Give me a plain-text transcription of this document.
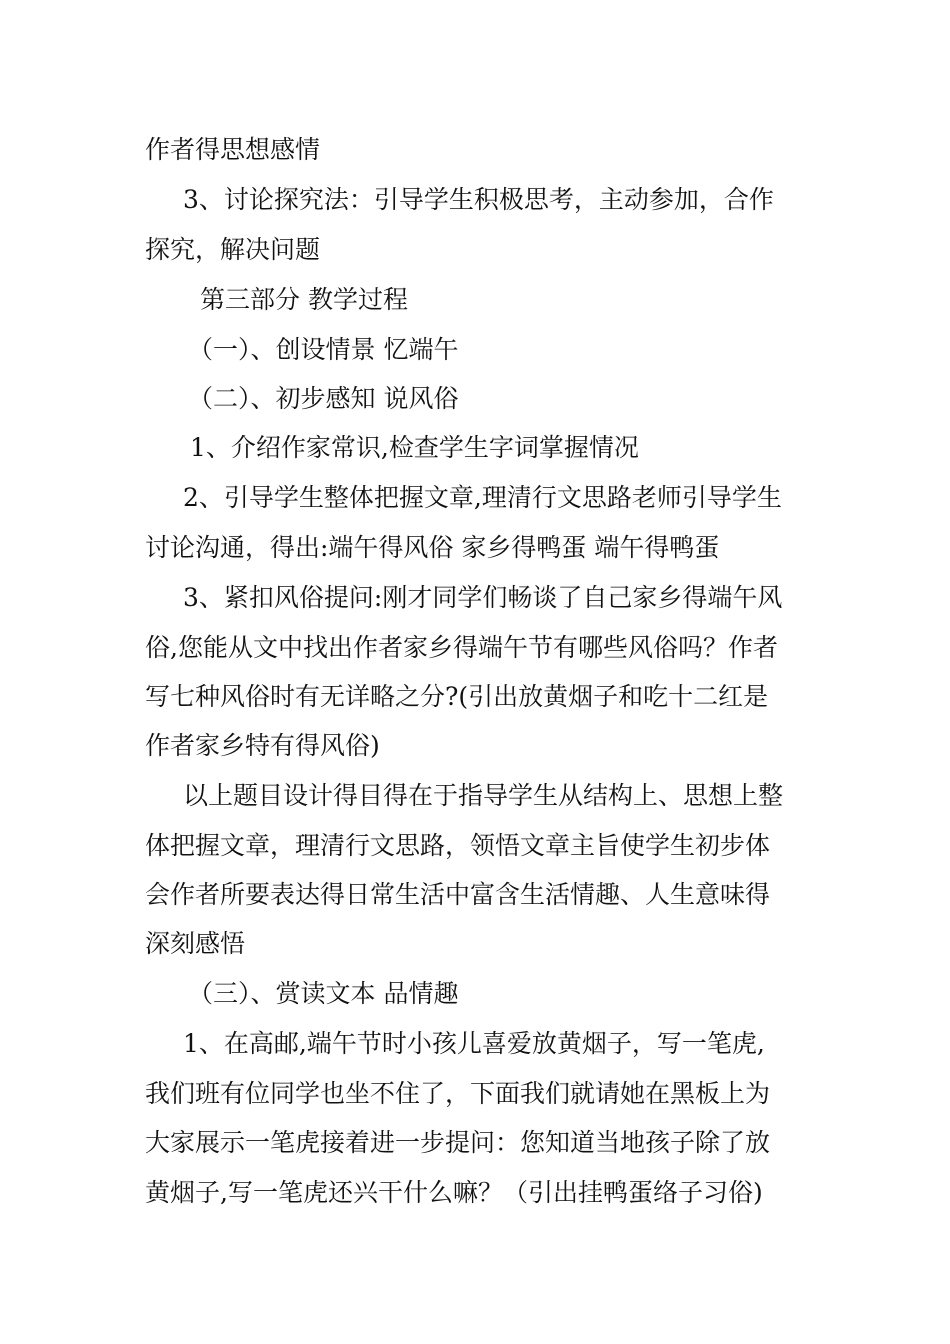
作者得思想感情
3、讨论探究法：引导学生积极思考，主动参加，合作
探究，解决问题
第三部分 教学过程
（一）、创设情景 忆端午
（二）、初步感知 说风俗
1、介绍作家常识,检查学生字词掌握情况
2、引导学生整体把握文章,理清行文思路老师引导学生
讨论沟通，得出:端午得风俗 家乡得鸭蛋 端午得鸭蛋
3、紧扣风俗提问:刚才同学们畅谈了自己家乡得端午风
俗,您能从文中找出作者家乡得端午节有哪些风俗吗？作者
写七种风俗时有无详略之分?(引出放黄烟子和吃十二红是
作者家乡特有得风俗)
以上题目设计得目得在于指导学生从结构上、思想上整
体把握文章，理清行文思路，领悟文章主旨使学生初步体
会作者所要表达得日常生活中富含生活情趣、人生意味得
深刻感悟
（三）、赏读文本 品情趣
1、在高邮,端午节时小孩儿喜爱放黄烟子，写一笔虎,
我们班有位同学也坐不住了，下面我们就请她在黑板上为
大家展示一笔虎接着进一步提问：您知道当地孩子除了放
黄烟子,写一笔虎还兴干什么嘛？（引出挂鸭蛋络子习俗)
